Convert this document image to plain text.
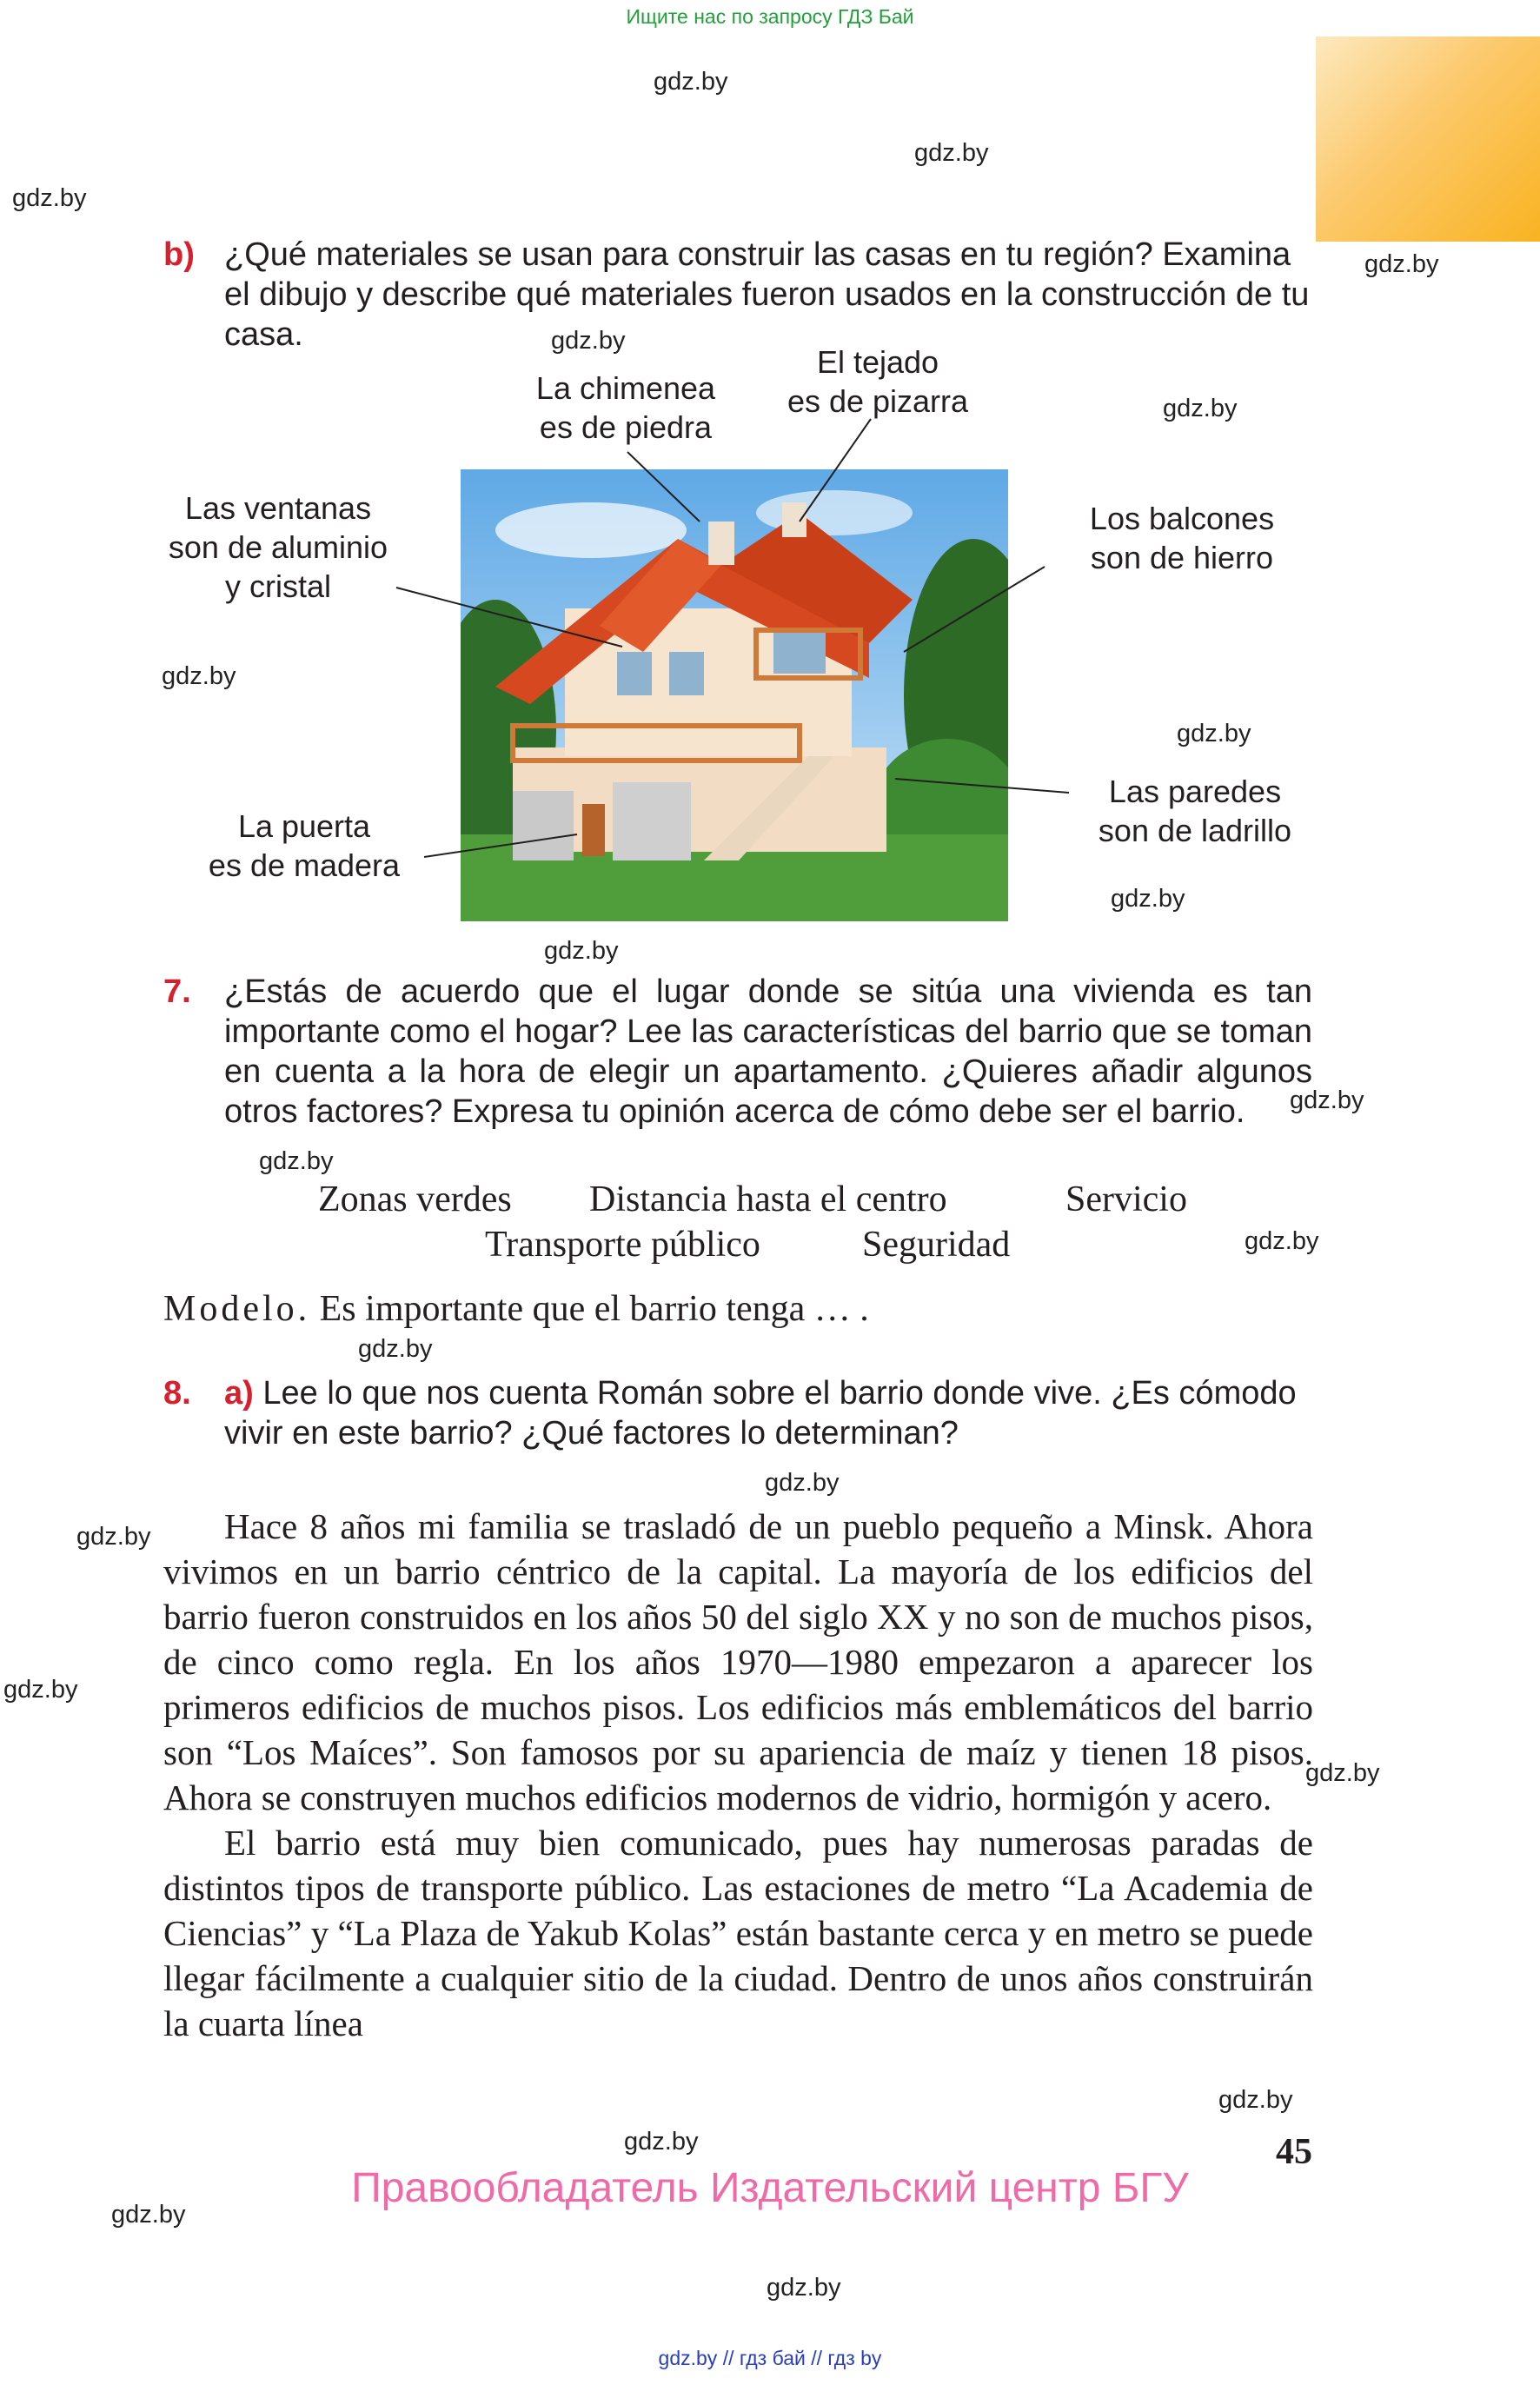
Ищите нас по запросу ГДЗ Бай
gdz.by
gdz.by
gdz.by
gdz.by
gdz.by
gdz.by
gdz.by
gdz.by
gdz.by
gdz.by
gdz.by
gdz.by
gdz.by
gdz.by
gdz.by
gdz.by
gdz.by
gdz.by
gdz.by
gdz.by
gdz.by
gdz.by
b) ¿Qué materiales se usan para construir las casas en tu región? Examina el dibujo y describe qué materiales fueron usados en la construcción de tu casa.
La chimenea
es de piedra
El tejado
es de pizarra
Las ventanas
son de aluminio
y cristal
Los balcones
son de hierro
Las paredes
son de ladrillo
La puerta
es de madera
7.	¿Estás de acuerdo que el lugar donde se sitúa una vivienda es tan importante como el hogar? Lee las características del barrio que se toman en cuenta a la hora de elegir un apartamento. ¿Quieres añadir algunos otros factores? Expresa tu opinión acerca de cómo debe ser el barrio.
Zonas verdes Distancia hasta el centro	Servicio
Transporte público	Seguridad
Modelo. Es importante que el barrio tenga … .
8.	a) Lee lo que nos cuenta Román sobre el barrio donde vive. ¿Es cómodo vivir en este barrio? ¿Qué factores lo determinan?

Hace 8 años mi familia se trasladó de un pueblo pequeño a Minsk. Ahora vivimos en un barrio céntrico de la capital. La mayoría de los edificios del barrio fueron construidos en los años 50 del siglo XX y no son de muchos pisos, de cinco como regla. En los años 1970—1980 empezaron a aparecer los primeros edificios de muchos pisos. Los edificios más emblemáticos del barrio son “Los Maíces”. Son famosos por su apariencia de maíz y tienen 18 pisos. Ahora se construyen muchos edificios modernos de vidrio, hormigón y acero.

El barrio está muy bien comunicado, pues hay numerosas paradas de distintos tipos de transporte público. Las estaciones de metro “La Academia de Ciencias” y “La Plaza de Yakub Kolas” están bastante cerca y en metro se puede llegar fácilmente a cualquier sitio de la ciudad. Dentro de unos años construirán la cuarta línea

45
Правообладатель Издательский центр БГУ
gdz.by // гдз бай // гдз by
